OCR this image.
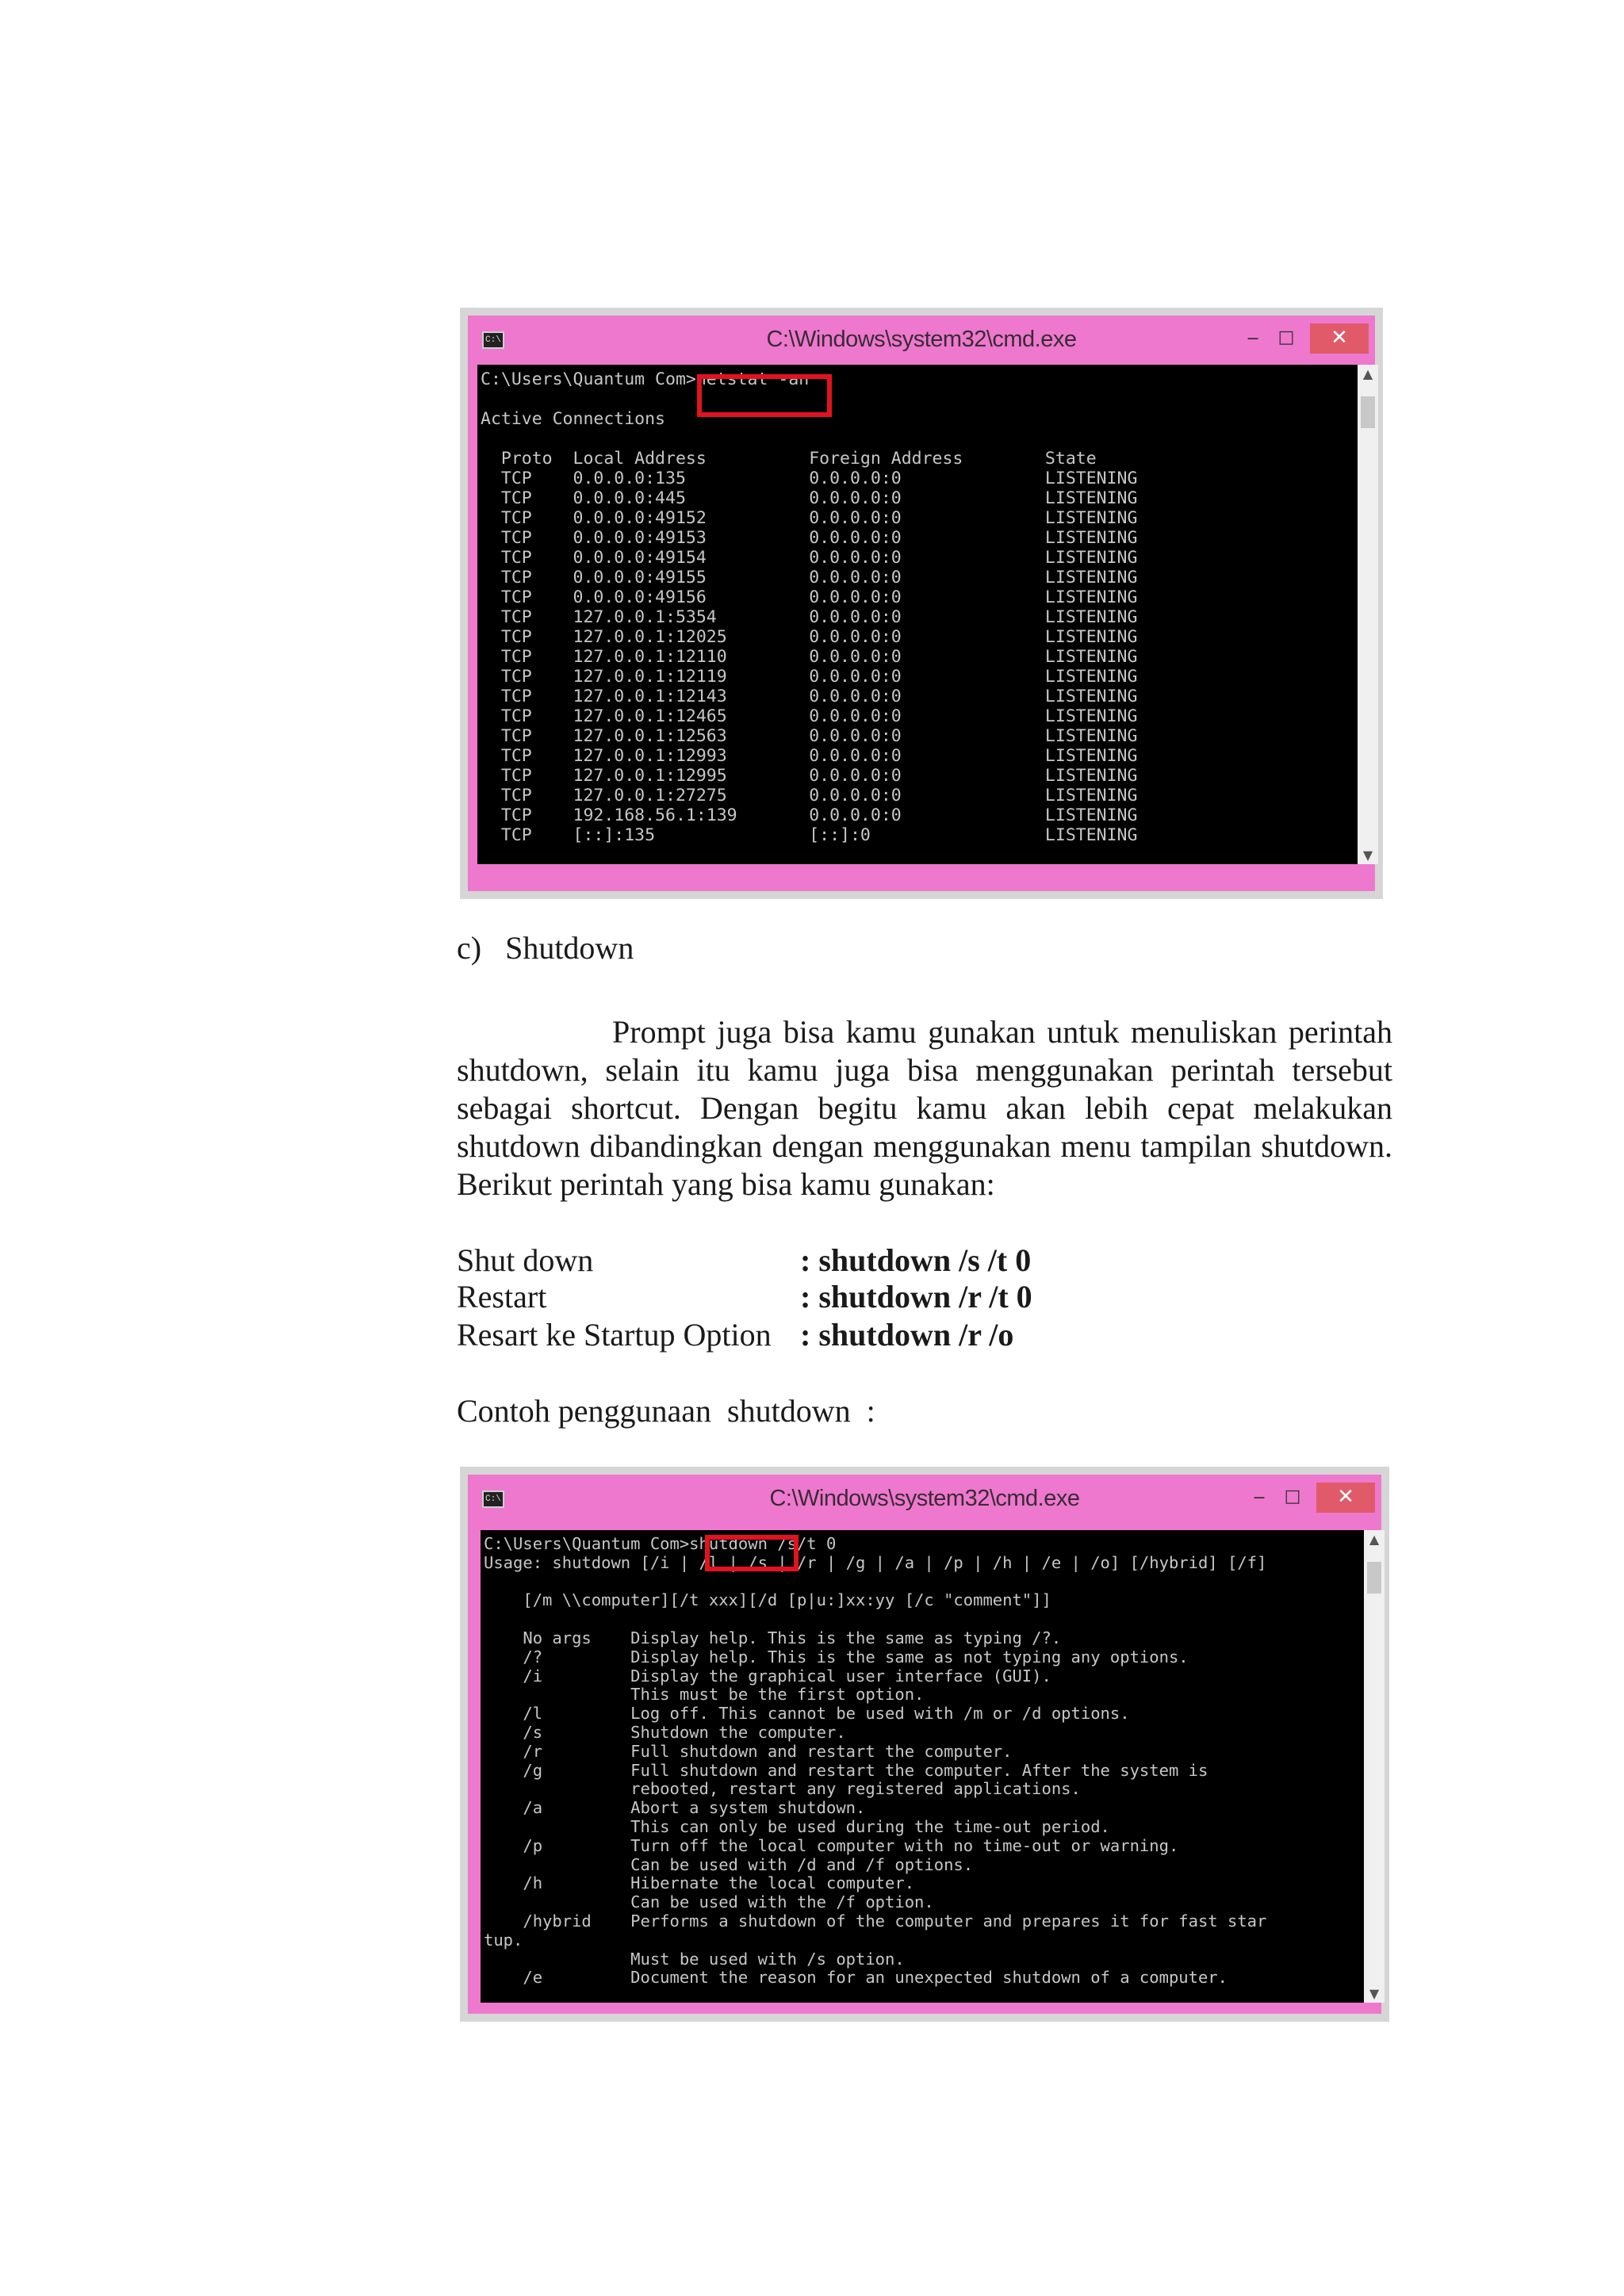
C:\	C:\Windows\system32\cmd.exe	‒	□	✕
C:\Users\Quantum Com>netstat -an

Active Connections

Proto  Local Address          Foreign Address        State
TCP    0.0.0.0:135            0.0.0.0:0              LISTENING
TCP    0.0.0.0:445            0.0.0.0:0              LISTENING
TCP    0.0.0.0:49152          0.0.0.0:0              LISTENING
TCP    0.0.0.0:49153          0.0.0.0:0              LISTENING
TCP    0.0.0.0:49154          0.0.0.0:0              LISTENING
TCP    0.0.0.0:49155          0.0.0.0:0              LISTENING
TCP    0.0.0.0:49156          0.0.0.0:0              LISTENING
TCP    127.0.0.1:5354         0.0.0.0:0              LISTENING
TCP    127.0.0.1:12025        0.0.0.0:0              LISTENING
TCP    127.0.0.1:12110        0.0.0.0:0              LISTENING
TCP    127.0.0.1:12119        0.0.0.0:0              LISTENING
TCP    127.0.0.1:12143        0.0.0.0:0              LISTENING
TCP    127.0.0.1:12465        0.0.0.0:0              LISTENING
TCP    127.0.0.1:12563        0.0.0.0:0              LISTENING
TCP    127.0.0.1:12993        0.0.0.0:0              LISTENING
TCP    127.0.0.1:12995        0.0.0.0:0              LISTENING
TCP    127.0.0.1:27275        0.0.0.0:0              LISTENING
TCP    192.168.56.1:139       0.0.0.0:0              LISTENING
TCP    [::]:135               [::]:0                 LISTENING
▲
▼
c)   Shutdown
Prompt juga bisa kamu gunakan untuk menuliskan perintah shutdown, selain itu kamu juga bisa menggunakan perintah tersebut sebagai shortcut. Dengan begitu kamu akan lebih cepat melakukan shutdown dibandingkan dengan menggunakan menu tampilan shutdown. Berikut perintah yang bisa kamu gunakan:
Shut down	: shutdown /s /t 0
Restart	: shutdown /r /t 0
Resart ke Startup Option : shutdown /r /o
Contoh penggunaan  shutdown  :
C:\	C:\Windows\system32\cmd.exe	‒	□	✕
C:\Users\Quantum Com>shutdown /s/t 0
Usage: shutdown [/i | /l | /s | /r | /g | /a | /p | /h | /e | /o] [/hybrid] [/f]

[/m \\computer][/t xxx][/d [p|u:]xx:yy [/c "comment"]]

No args    Display help. This is the same as typing /?.
/?         Display help. This is the same as not typing any options.
/i         Display the graphical user interface (GUI).
This must be the first option.
/l         Log off. This cannot be used with /m or /d options.
/s         Shutdown the computer.
/r         Full shutdown and restart the computer.
/g         Full shutdown and restart the computer. After the system is
rebooted, restart any registered applications.
/a         Abort a system shutdown.
This can only be used during the time-out period.
/p         Turn off the local computer with no time-out or warning.
Can be used with /d and /f options.
/h         Hibernate the local computer.
Can be used with the /f option.
/hybrid    Performs a shutdown of the computer and prepares it for fast star
tup.
Must be used with /s option.
/e         Document the reason for an unexpected shutdown of a computer.
▲
▼
